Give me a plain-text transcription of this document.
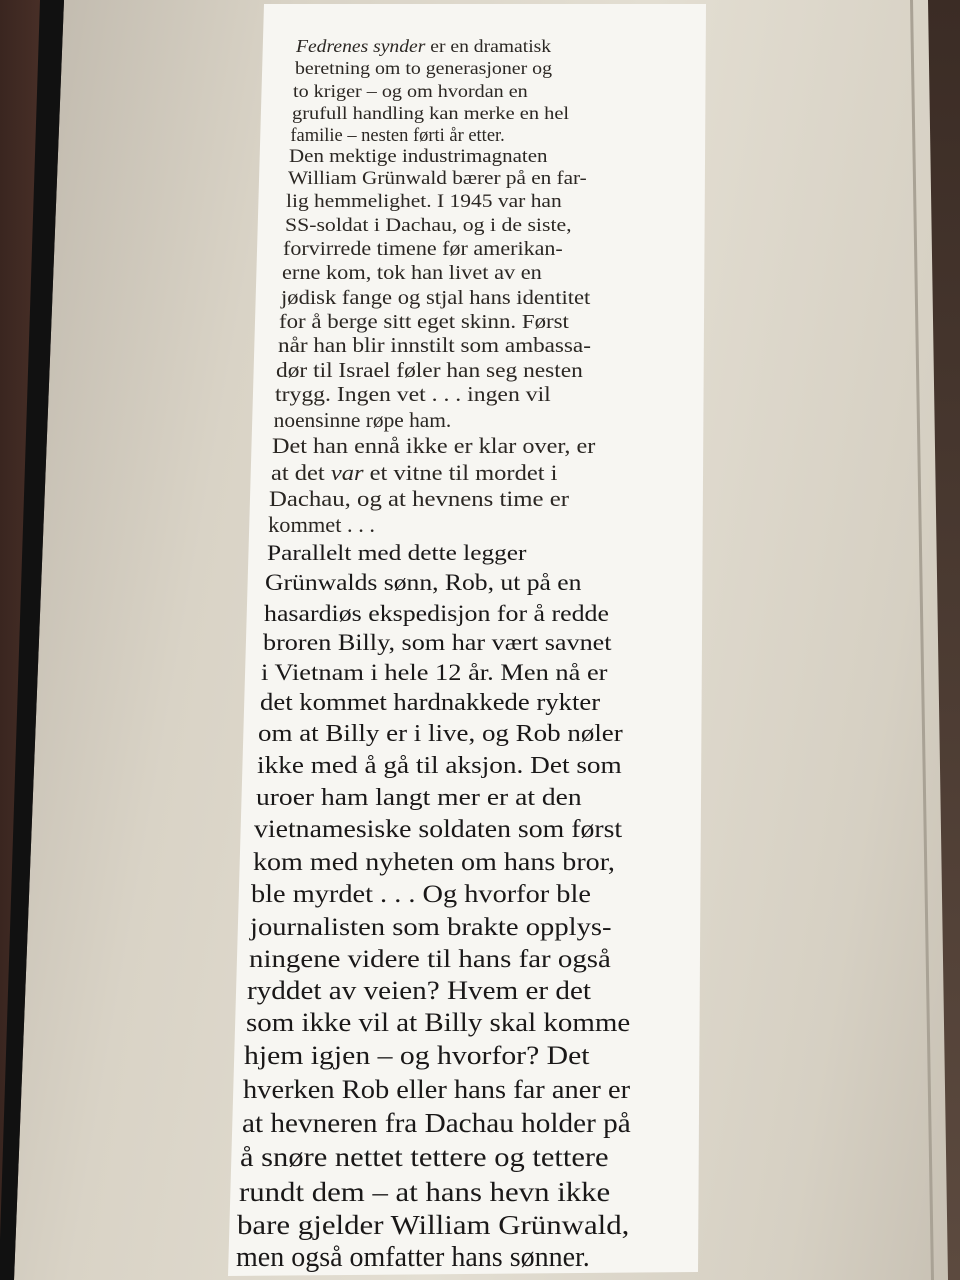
Fedrenes synder er en dramatisk
beretning om to generasjoner og
to kriger – og om hvordan en
grufull handling kan merke en hel
familie – nesten førti år etter.
Den mektige industrimagnaten
William Grünwald bærer på en far-
lig hemmelighet. I 1945 var han
SS-soldat i Dachau, og i de siste,
forvirrede timene før amerikan-
erne kom, tok han livet av en
jødisk fange og stjal hans identitet
for å berge sitt eget skinn. Først
når han blir innstilt som ambassa-
dør til Israel føler han seg nesten
trygg. Ingen vet . . . ingen vil
noensinne røpe ham.
Det han ennå ikke er klar over, er
at det var et vitne til mordet i
Dachau, og at hevnens time er
kommet . . .
Parallelt med dette legger
Grünwalds sønn, Rob, ut på en
hasardiøs ekspedisjon for å redde
broren Billy, som har vært savnet
i Vietnam i hele 12 år. Men nå er
det kommet hardnakkede rykter
om at Billy er i live, og Rob nøler
ikke med å gå til aksjon. Det som
uroer ham langt mer er at den
vietnamesiske soldaten som først
kom med nyheten om hans bror,
ble myrdet . . . Og hvorfor ble
journalisten som brakte opplys-
ningene videre til hans far også
ryddet av veien? Hvem er det
som ikke vil at Billy skal komme
hjem igjen – og hvorfor? Det
hverken Rob eller hans far aner er
at hevneren fra Dachau holder på
å snøre nettet tettere og tettere
rundt dem – at hans hevn ikke
bare gjelder William Grünwald,
men også omfatter hans sønner.
